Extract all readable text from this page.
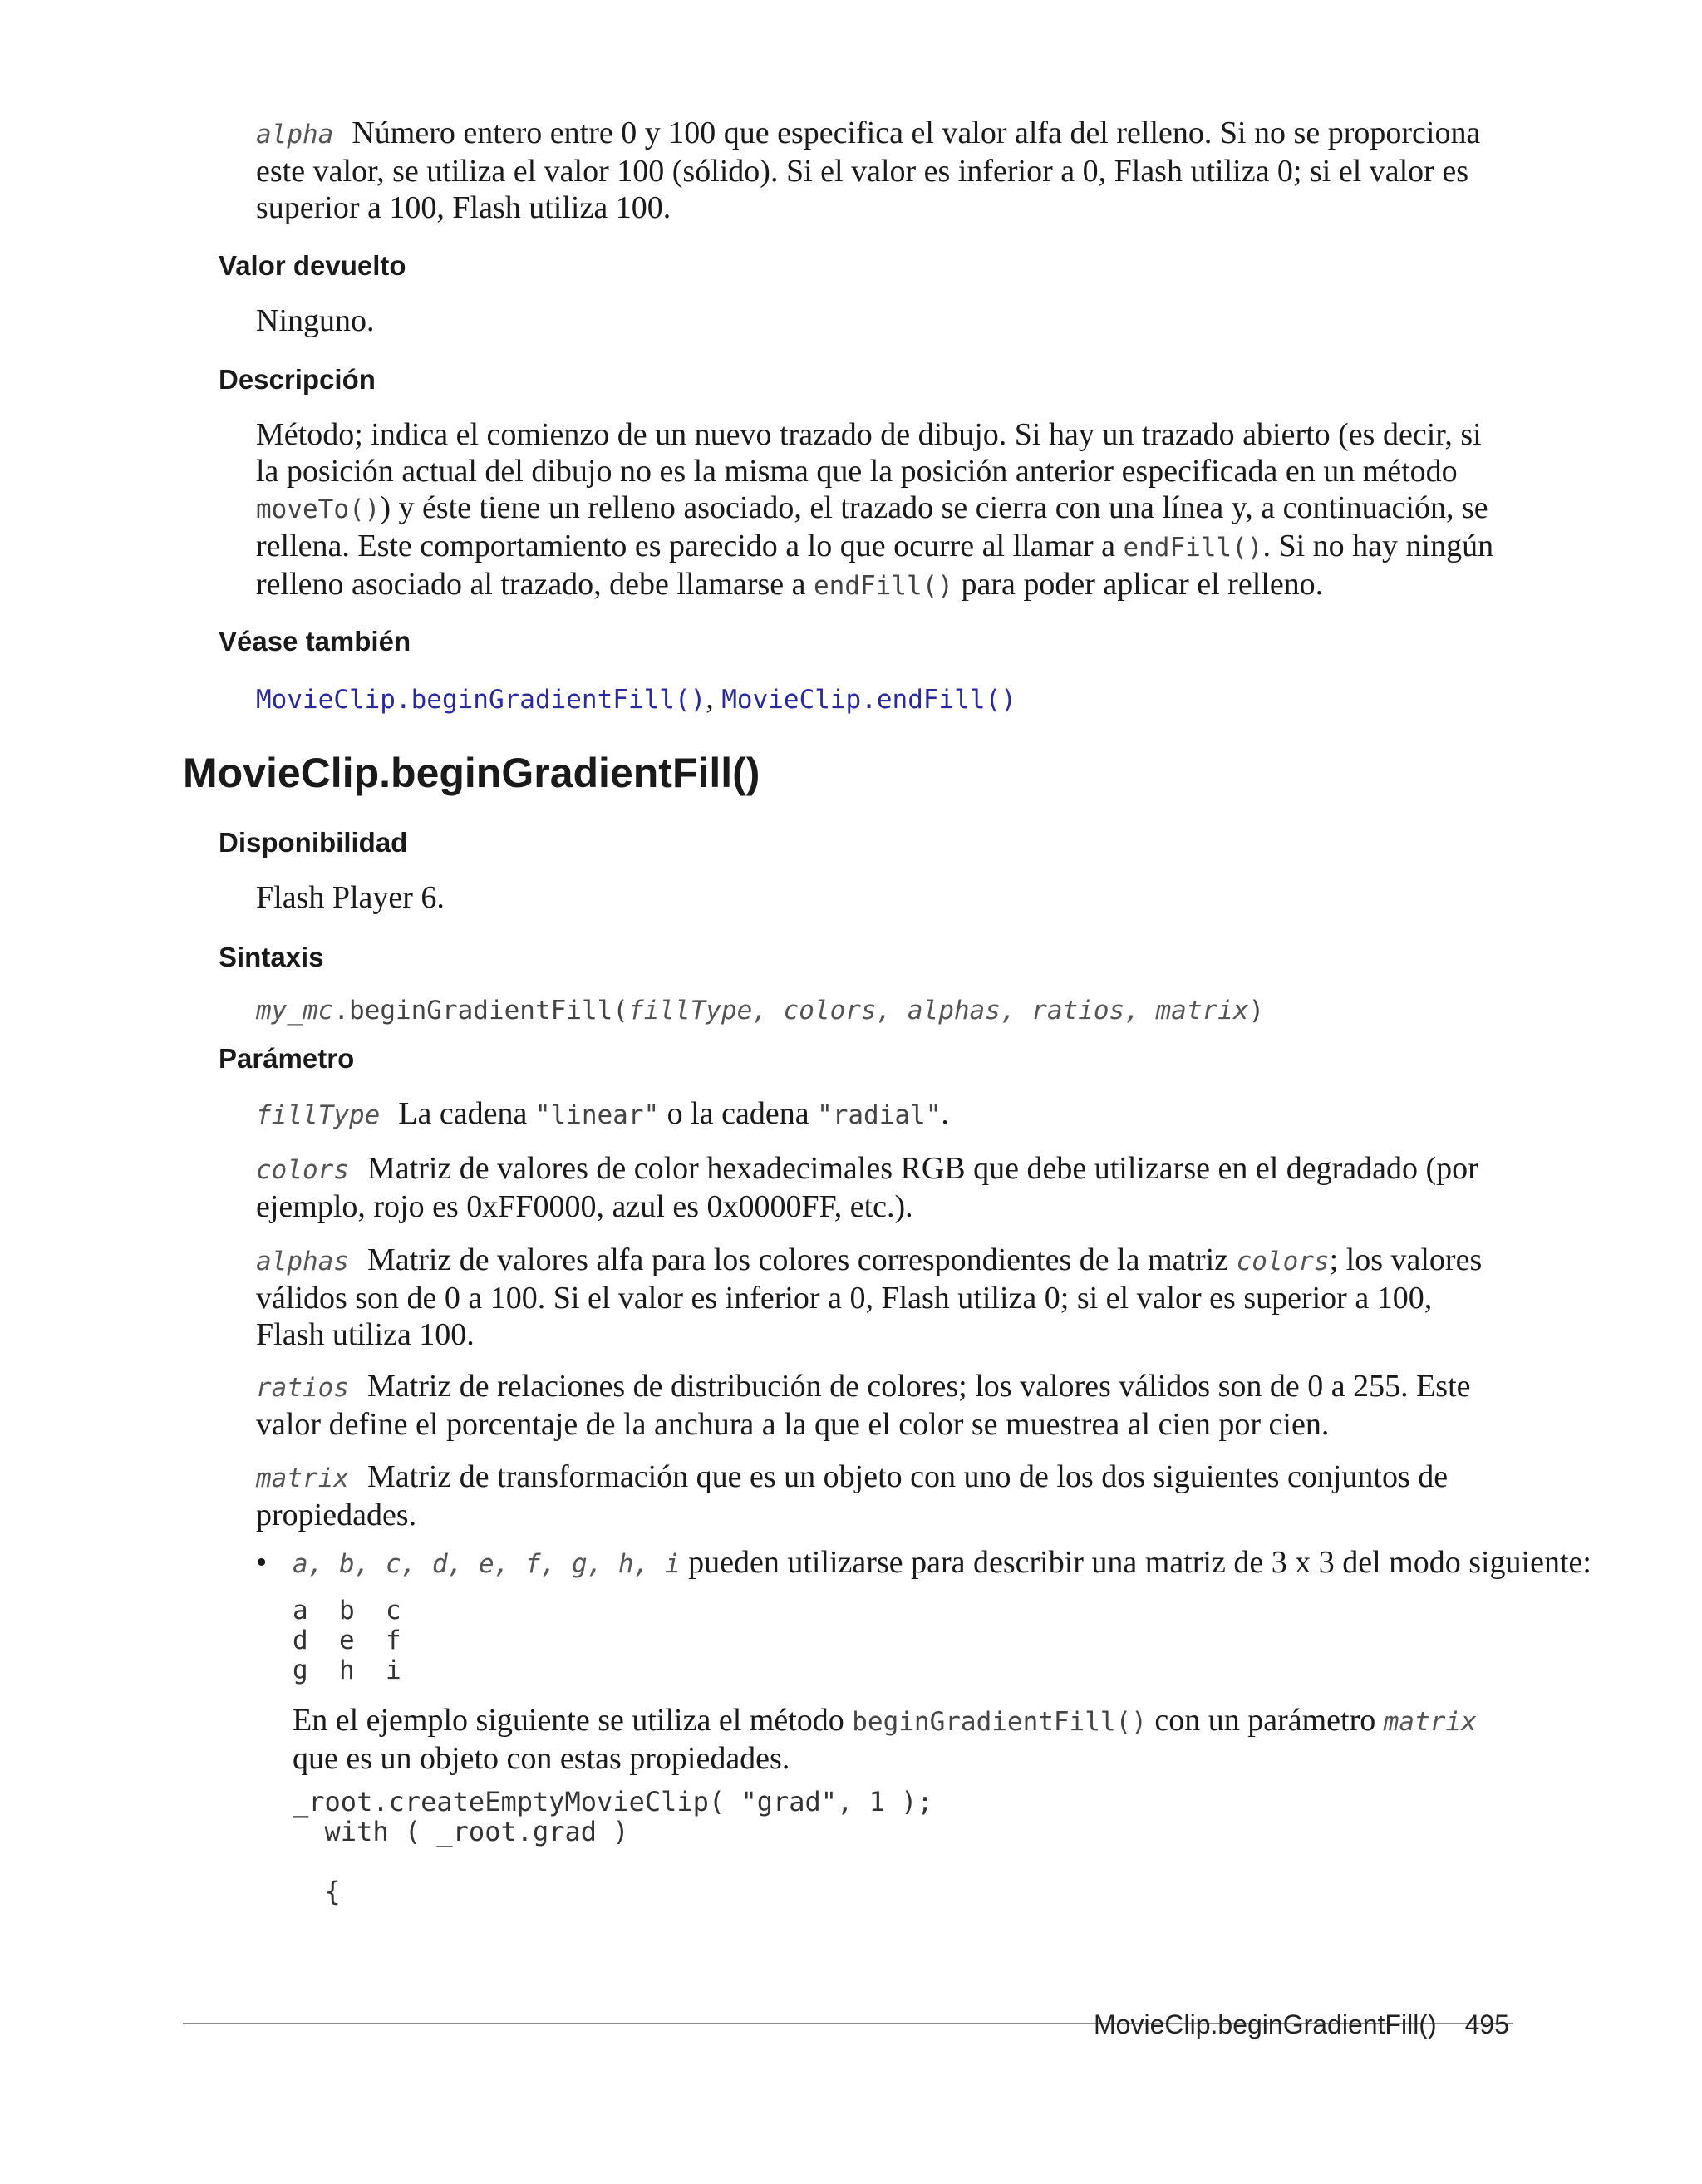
alpha Número entero entre 0 y 100 que especifica el valor alfa del relleno. Si no se proporciona este valor, se utiliza el valor 100 (sólido). Si el valor es inferior a 0, Flash utiliza 0; si el valor es superior a 100, Flash utiliza 100.

Valor devuelto

Ninguno.

Descripción

Método; indica el comienzo de un nuevo trazado de dibujo. Si hay un trazado abierto (es decir, si la posición actual del dibujo no es la misma que la posición anterior especificada en un método moveTo()) y éste tiene un relleno asociado, el trazado se cierra con una línea y, a continuación, se rellena. Este comportamiento es parecido a lo que ocurre al llamar a endFill(). Si no hay ningún relleno asociado al trazado, debe llamarse a endFill() para poder aplicar el relleno.

Véase también

MovieClip.beginGradientFill(), MovieClip.endFill()

MovieClip.beginGradientFill()
Disponibilidad

Flash Player 6.

Sintaxis

my_mc.beginGradientFill(fillType, colors, alphas, ratios, matrix)

Parámetro

fillType La cadena "linear" o la cadena "radial".

colors Matriz de valores de color hexadecimales RGB que debe utilizarse en el degradado (por ejemplo, rojo es 0xFF0000, azul es 0x0000FF, etc.).

alphas Matriz de valores alfa para los colores correspondientes de la matriz colors; los valores válidos son de 0 a 100. Si el valor es inferior a 0, Flash utiliza 0; si el valor es superior a 100, Flash utiliza 100.

ratios Matriz de relaciones de distribución de colores; los valores válidos son de 0 a 255. Este valor define el porcentaje de la anchura a la que el color se muestrea al cien por cien.

matrix Matriz de transformación que es un objeto con uno de los dos siguientes conjuntos de propiedades.

• a, b, c, d, e, f, g, h, i pueden utilizarse para describir una matriz de 3 x 3 del modo siguiente:
a  b  c
d  e  f
g  h  i

En el ejemplo siguiente se utiliza el método beginGradientFill() con un parámetro matrix que es un objeto con estas propiedades.

_root.createEmptyMovieClip( "grad", 1 );
with ( _root.grad )

{
MovieClip.beginGradientFill() 495
